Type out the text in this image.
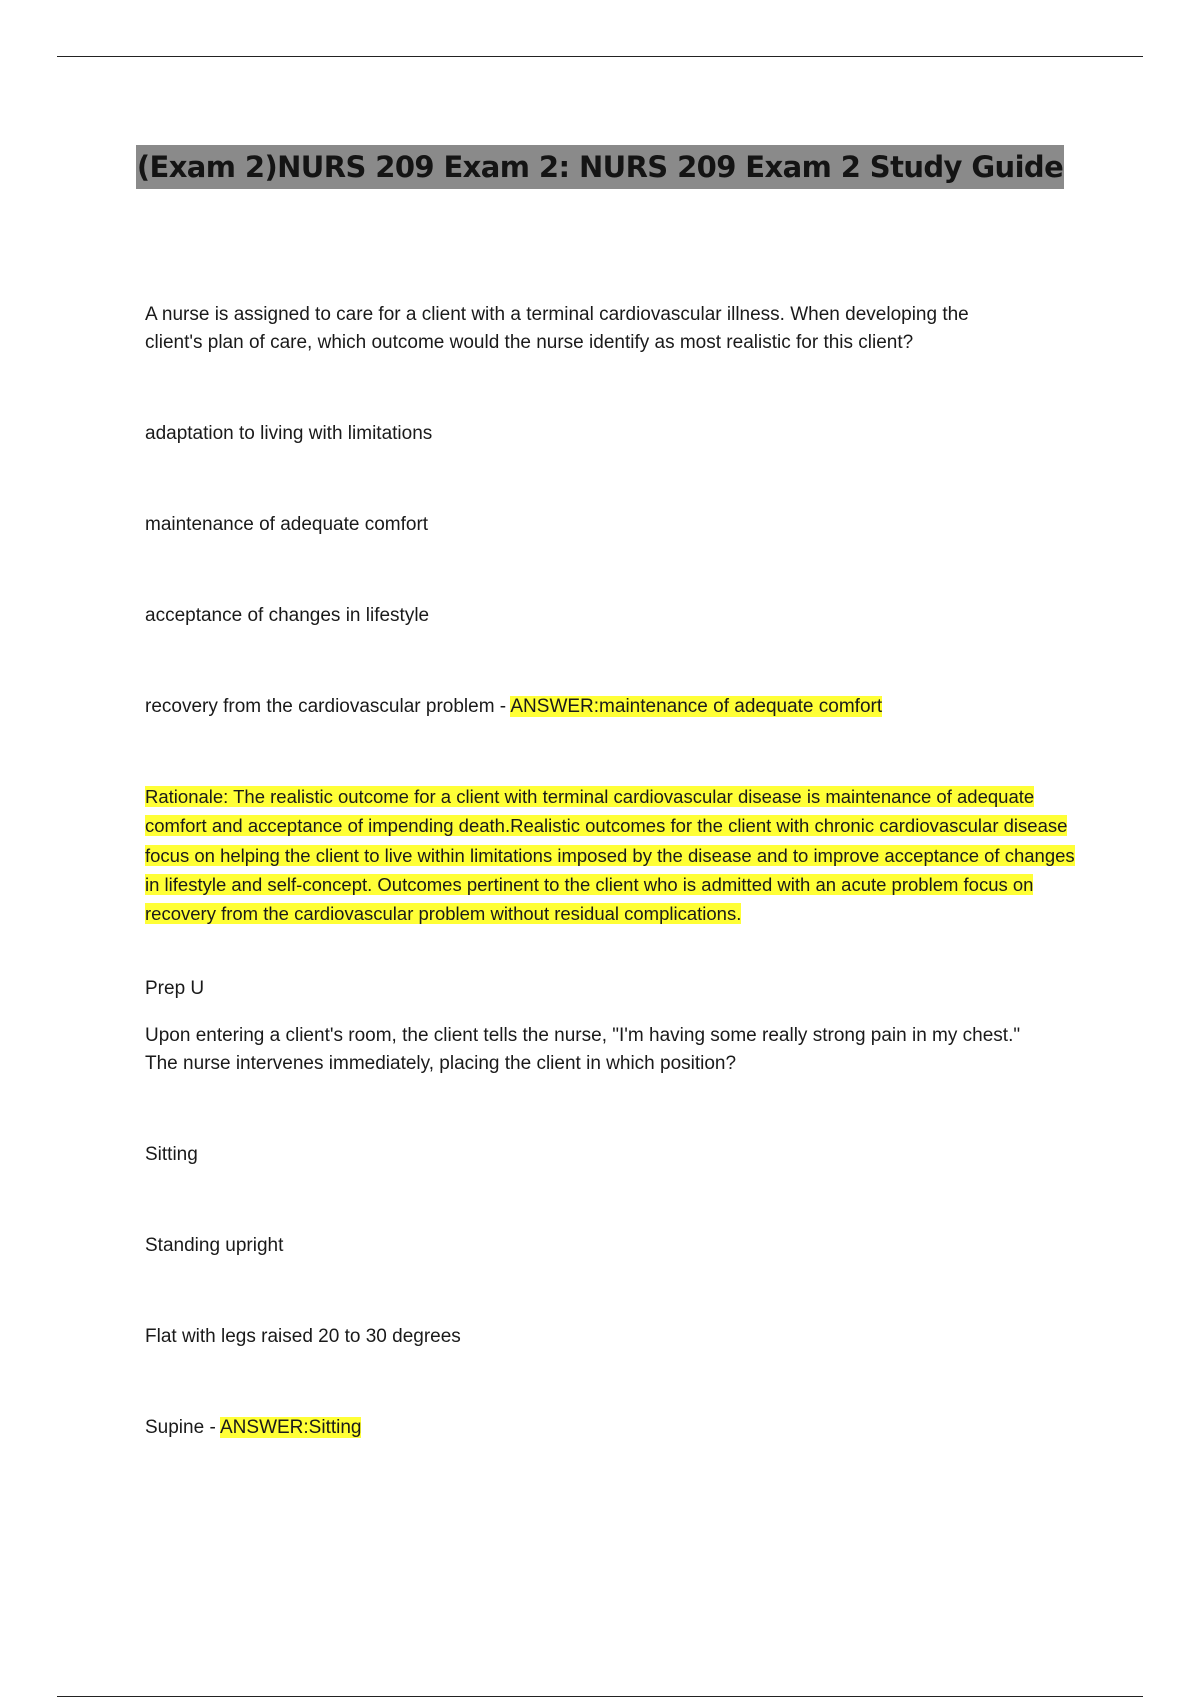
(Exam 2)NURS 209 Exam 2: NURS 209 Exam 2 Study Guide

A nurse is assigned to care for a client with a terminal cardiovascular illness. When developing the

client's plan of care, which outcome would the nurse identify as most realistic for this client?

adaptation to living with limitations

maintenance of adequate comfort

acceptance of changes in lifestyle

recovery from the cardiovascular problem - ANSWER:maintenance of adequate comfort

Rationale: The realistic outcome for a client with terminal cardiovascular disease is maintenance of adequate comfort and acceptance of impending death.Realistic outcomes for the client with chronic cardiovascular disease focus on helping the client to live within limitations imposed by the disease and to improve acceptance of changes in lifestyle and self-concept. Outcomes pertinent to the client who is admitted with an acute problem focus on recovery from the cardiovascular problem without residual complications.

Prep U

Upon entering a client's room, the client tells the nurse, "I'm having some really strong pain in my chest."

The nurse intervenes immediately, placing the client in which position?

Sitting

Standing upright

Flat with legs raised 20 to 30 degrees

Supine - ANSWER:Sitting
